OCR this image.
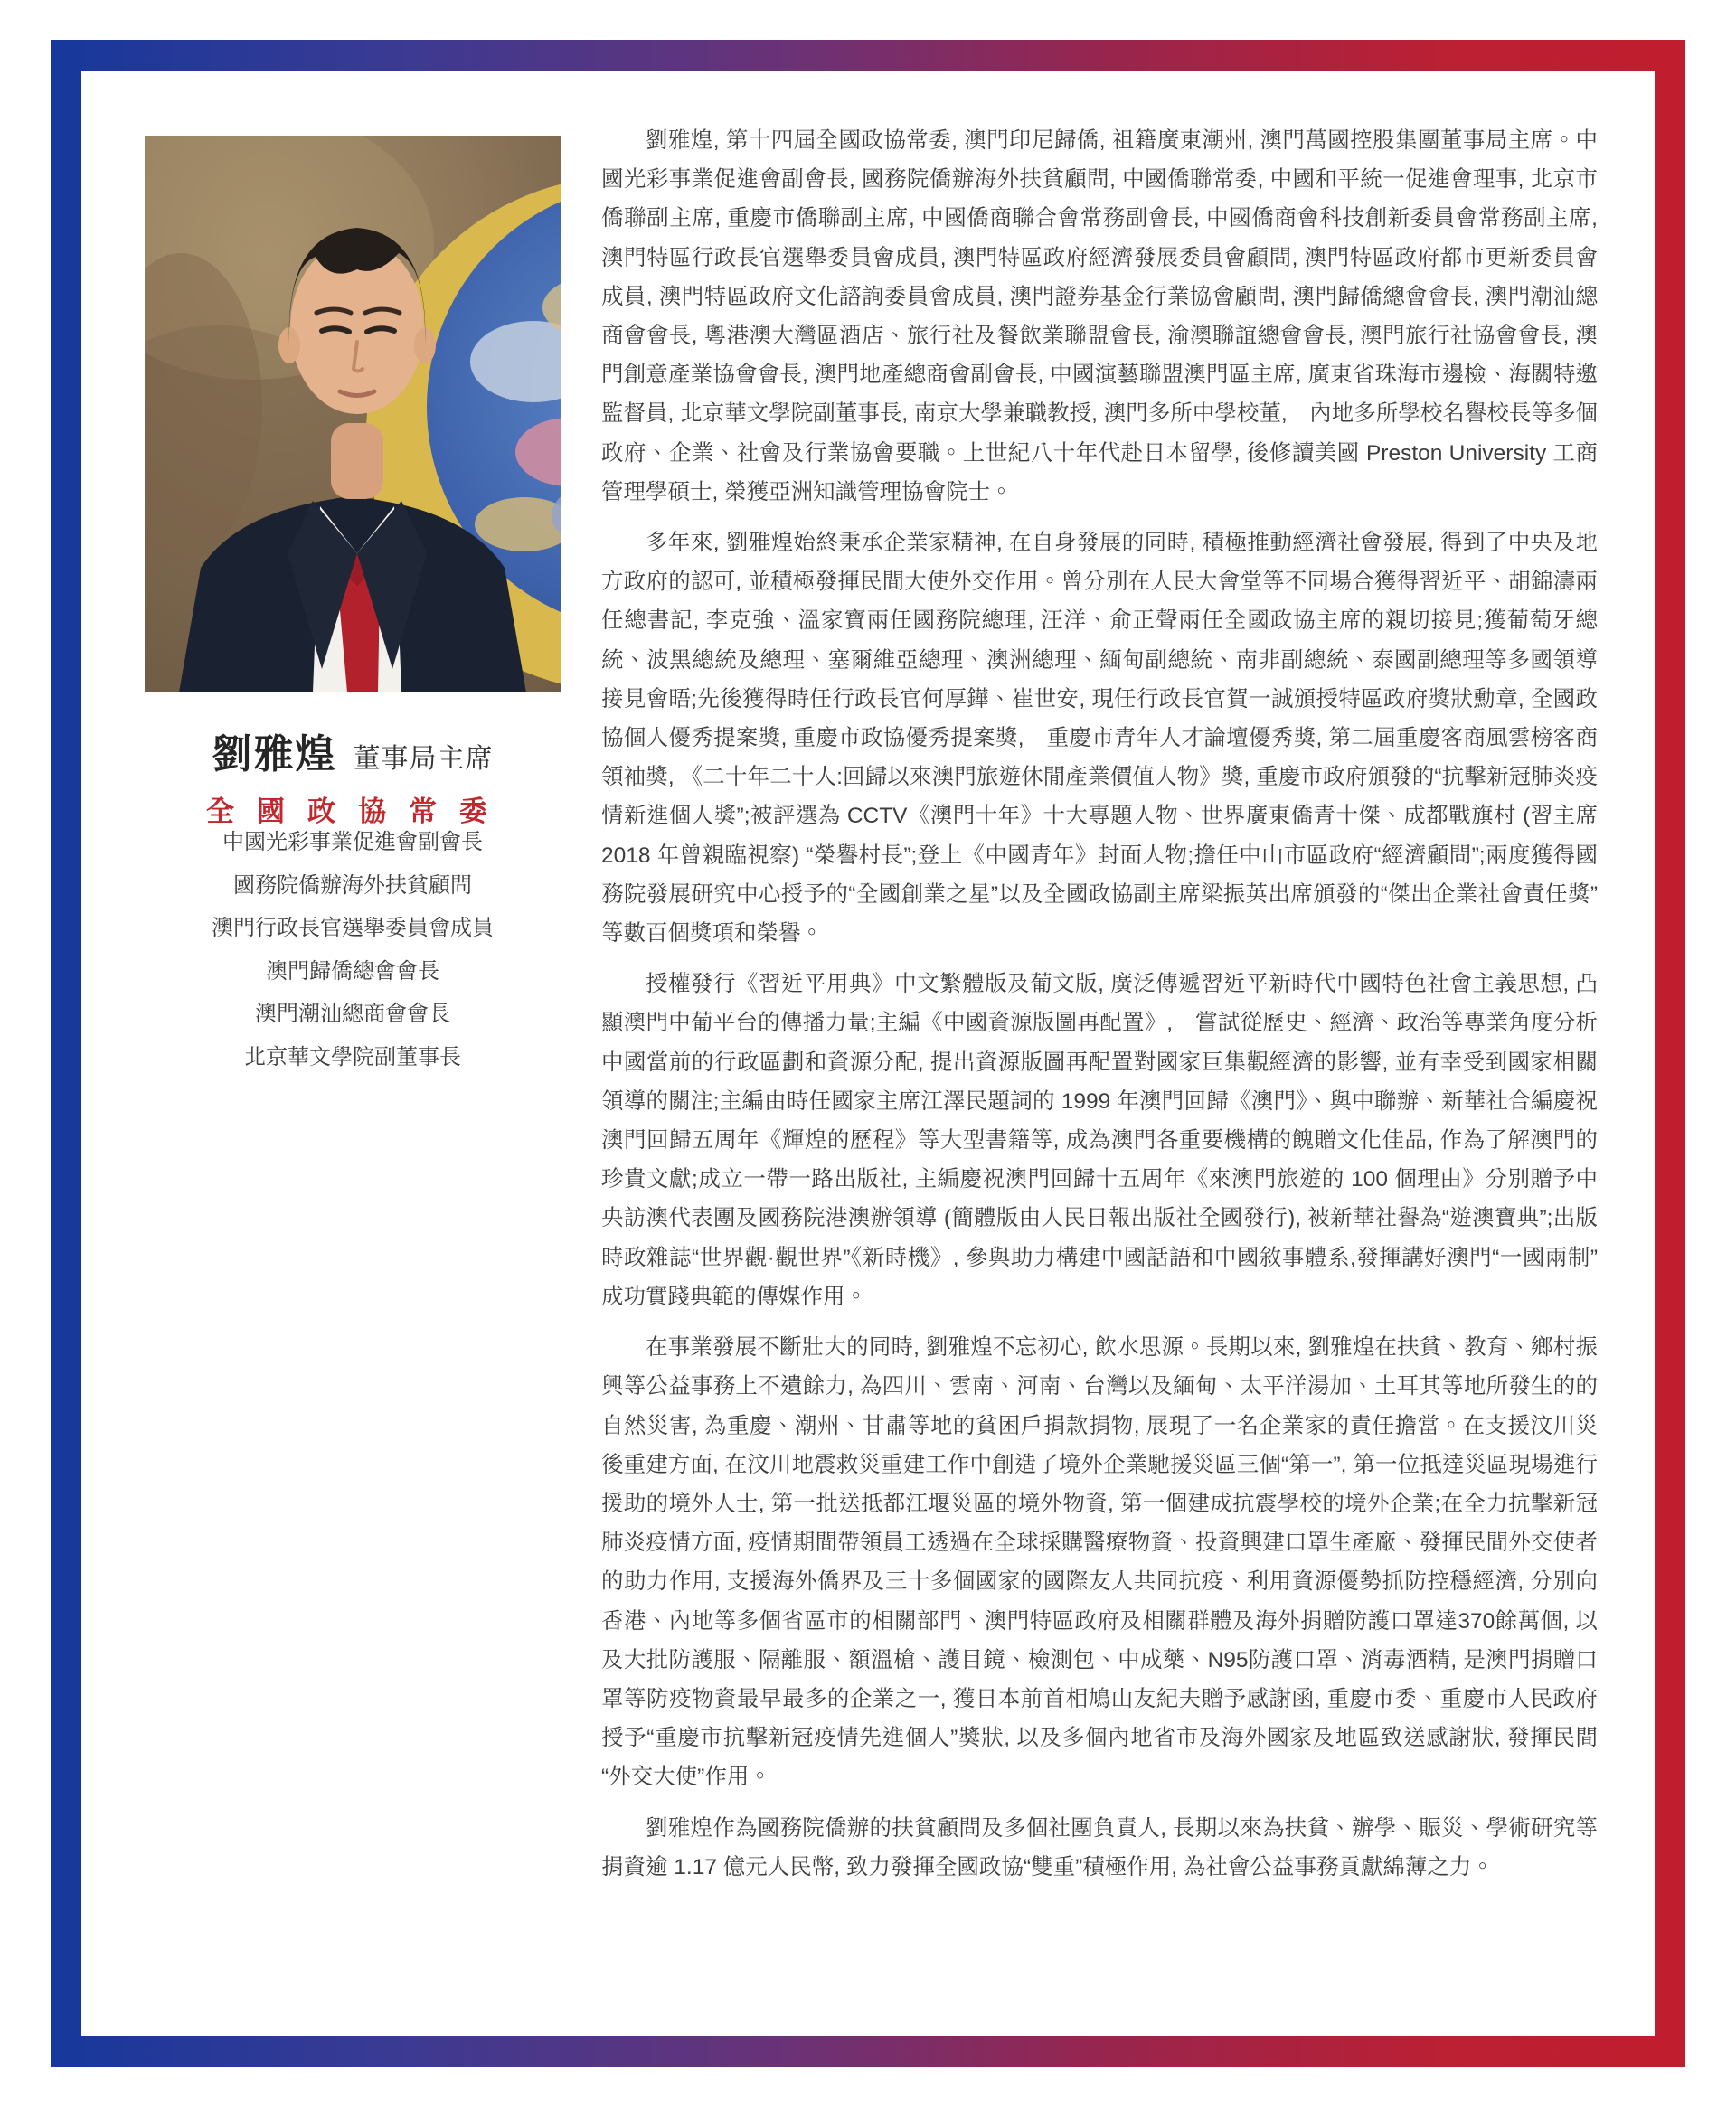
劉雅煌 董事局主席
全國政協常委
中國光彩事業促進會副會長
國務院僑辦海外扶貧顧問
澳門行政長官選舉委員會成員
澳門歸僑總會會長
澳門潮汕總商會會長
北京華文學院副董事長

劉雅煌, 第十四屆全國政協常委, 澳門印尼歸僑, 祖籍廣東潮州, 澳門萬國控股集團董事局主席。中國光彩事業促進會副會長, 國務院僑辦海外扶貧顧問, 中國僑聯常委, 中國和平統一促進會理事, 北京市僑聯副主席, 重慶市僑聯副主席, 中國僑商聯合會常務副會長, 中國僑商會科技創新委員會常務副主席, 澳門特區行政長官選舉委員會成員, 澳門特區政府經濟發展委員會顧問, 澳門特區政府都市更新委員會成員, 澳門特區政府文化諮詢委員會成員, 澳門證券基金行業協會顧問, 澳門歸僑總會會長, 澳門潮汕總商會會長, 粵港澳大灣區酒店、旅行社及餐飲業聯盟會長, 渝澳聯誼總會會長, 澳門旅行社協會會長, 澳門創意產業協會會長, 澳門地產總商會副會長, 中國演藝聯盟澳門區主席, 廣東省珠海市邊檢、海關特邀監督員, 北京華文學院副董事長, 南京大學兼職教授, 澳門多所中學校董,　內地多所學校名譽校長等多個政府、企業、社會及行業協會要職。上世紀八十年代赴日本留學, 後修讀美國 Preston University 工商管理學碩士, 榮獲亞洲知識管理協會院士。

多年來, 劉雅煌始終秉承企業家精神, 在自身發展的同時, 積極推動經濟社會發展, 得到了中央及地方政府的認可, 並積極發揮民間大使外交作用。曾分別在人民大會堂等不同場合獲得習近平、胡錦濤兩任總書記, 李克強、溫家寶兩任國務院總理, 汪洋、俞正聲兩任全國政協主席的親切接見;獲葡萄牙總統、波黑總統及總理、塞爾維亞總理、澳洲總理、緬甸副總統、南非副總統、泰國副總理等多國領導接見會晤;先後獲得時任行政長官何厚鏵、崔世安, 現任行政長官賀一誠頒授特區政府獎狀勳章, 全國政協個人優秀提案獎, 重慶市政協優秀提案獎,　重慶市青年人才論壇優秀獎, 第二屆重慶客商風雲榜客商領袖獎, 《二十年二十人:回歸以來澳門旅遊休閒產業價值人物》獎, 重慶市政府頒發的“抗擊新冠肺炎疫情新進個人獎”;被評選為 CCTV《澳門十年》十大專題人物、世界廣東僑青十傑、成都戰旗村 (習主席 2018 年曾親臨視察) “榮譽村長”;登上《中國青年》封面人物;擔任中山市區政府“經濟顧問”;兩度獲得國務院發展研究中心授予的“全國創業之星”以及全國政協副主席梁振英出席頒發的“傑出企業社會責任獎”等數百個獎項和榮譽。

授權發行《習近平用典》中文繁體版及葡文版, 廣泛傳遞習近平新時代中國特色社會主義思想, 凸顯澳門中葡平台的傳播力量;主編《中國資源版圖再配置》,　嘗試從歷史、經濟、政治等專業角度分析中國當前的行政區劃和資源分配, 提出資源版圖再配置對國家巨集觀經濟的影響, 並有幸受到國家相關領導的關注;主編由時任國家主席江澤民題詞的 1999 年澳門回歸《澳門》、與中聯辦、新華社合編慶祝澳門回歸五周年《輝煌的歷程》等大型書籍等, 成為澳門各重要機構的餽贈文化佳品, 作為了解澳門的珍貴文獻;成立一帶一路出版社, 主編慶祝澳門回歸十五周年《來澳門旅遊的 100 個理由》分別贈予中央訪澳代表團及國務院港澳辦領導 (簡體版由人民日報出版社全國發行), 被新華社譽為“遊澳寶典”;出版時政雜誌“世界觀·觀世界”《新時機》, 參與助力構建中國話語和中國敘事體系,發揮講好澳門“一國兩制”成功實踐典範的傳媒作用。

在事業發展不斷壯大的同時, 劉雅煌不忘初心, 飲水思源。長期以來, 劉雅煌在扶貧、教育、鄉村振興等公益事務上不遺餘力, 為四川、雲南、河南、台灣以及緬甸、太平洋湯加、土耳其等地所發生的的自然災害, 為重慶、潮州、甘肅等地的貧困戶捐款捐物, 展現了一名企業家的責任擔當。在支援汶川災後重建方面, 在汶川地震救災重建工作中創造了境外企業馳援災區三個“第一”, 第一位抵達災區現場進行援助的境外人士, 第一批送抵都江堰災區的境外物資, 第一個建成抗震學校的境外企業;在全力抗擊新冠肺炎疫情方面, 疫情期間帶領員工透過在全球採購醫療物資、投資興建口罩生產廠、發揮民間外交使者的助力作用, 支援海外僑界及三十多個國家的國際友人共同抗疫、利用資源優勢抓防控穩經濟, 分別向香港、內地等多個省區市的相關部門、澳門特區政府及相關群體及海外捐贈防護口罩達370餘萬個, 以及大批防護服、隔離服、額溫槍、護目鏡、檢測包、中成藥、N95防護口罩、消毒酒精, 是澳門捐贈口罩等防疫物資最早最多的企業之一, 獲日本前首相鳩山友紀夫贈予感謝函, 重慶市委、重慶市人民政府授予“重慶市抗擊新冠疫情先進個人”獎狀, 以及多個內地省市及海外國家及地區致送感謝狀, 發揮民間“外交大使”作用。

劉雅煌作為國務院僑辦的扶貧顧問及多個社團負責人, 長期以來為扶貧、辦學、賑災、學術研究等捐資逾 1.17 億元人民幣, 致力發揮全國政協“雙重”積極作用, 為社會公益事務貢獻綿薄之力。
